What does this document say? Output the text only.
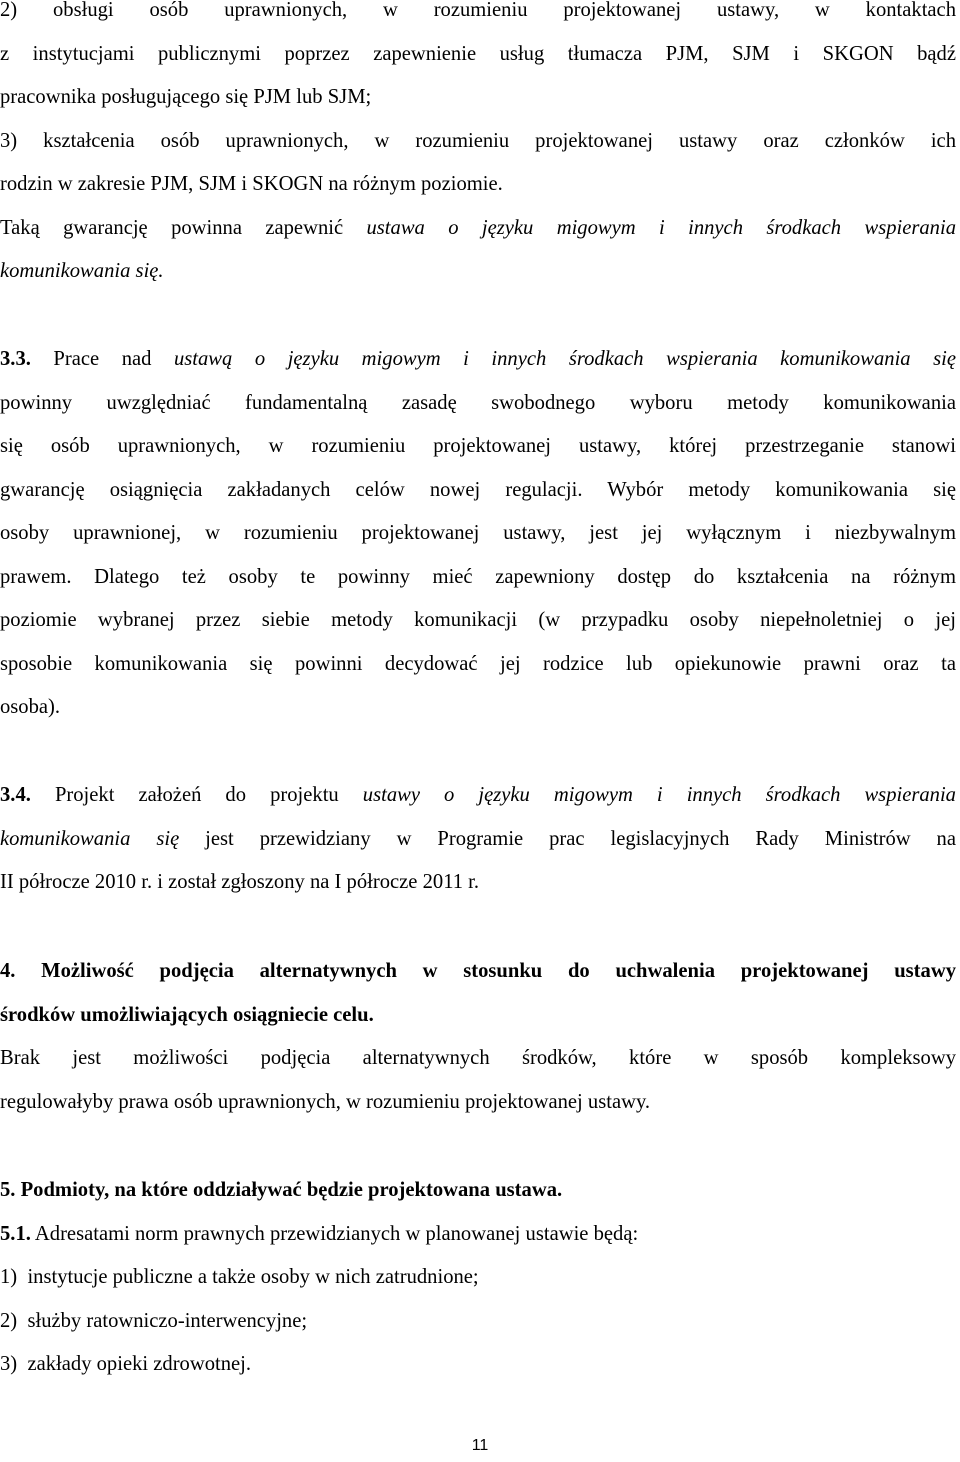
2) obsługi osób uprawnionych, w rozumieniu projektowanej ustawy, w kontaktach
z instytucjami publicznymi poprzez zapewnienie usług tłumacza PJM, SJM i SKGON bądź
pracownika posługującego się PJM lub SJM;
3) kształcenia osób uprawnionych, w rozumieniu projektowanej ustawy oraz członków ich
rodzin w zakresie PJM, SJM i SKOGN na różnym poziomie.
Taką gwarancję powinna zapewnić ustawa o języku migowym i innych środkach wspierania
komunikowania się.
3.3. Prace nad ustawą o języku migowym i innych środkach wspierania komunikowania się
powinny uwzględniać fundamentalną zasadę swobodnego wyboru metody komunikowania
się osób uprawnionych, w rozumieniu projektowanej ustawy, której przestrzeganie stanowi
gwarancję osiągnięcia zakładanych celów nowej regulacji. Wybór metody komunikowania się
osoby uprawnionej, w rozumieniu projektowanej ustawy, jest jej wyłącznym i niezbywalnym
prawem. Dlatego też osoby te powinny mieć zapewniony dostęp do kształcenia na różnym
poziomie wybranej przez siebie metody komunikacji (w przypadku osoby niepełnoletniej o jej
sposobie komunikowania się powinni decydować jej rodzice lub opiekunowie prawni oraz ta
osoba).
3.4. Projekt założeń do projektu ustawy o języku migowym i innych środkach wspierania
komunikowania się jest przewidziany w Programie prac legislacyjnych Rady Ministrów na
II półrocze 2010 r. i został zgłoszony na I półrocze 2011 r.
4. Możliwość podjęcia alternatywnych w stosunku do uchwalenia projektowanej ustawy
środków umożliwiających osiągniecie celu.
Brak jest możliwości podjęcia alternatywnych środków, które w sposób kompleksowy
regulowałyby prawa osób uprawnionych, w rozumieniu projektowanej ustawy.
5. Podmioty, na które oddziaływać będzie projektowana ustawa.
5.1. Adresatami norm prawnych przewidzianych w planowanej ustawie będą:
1)  instytucje publiczne a także osoby w nich zatrudnione;
2)  służby ratowniczo-interwencyjne;
3)  zakłady opieki zdrowotnej.
11
